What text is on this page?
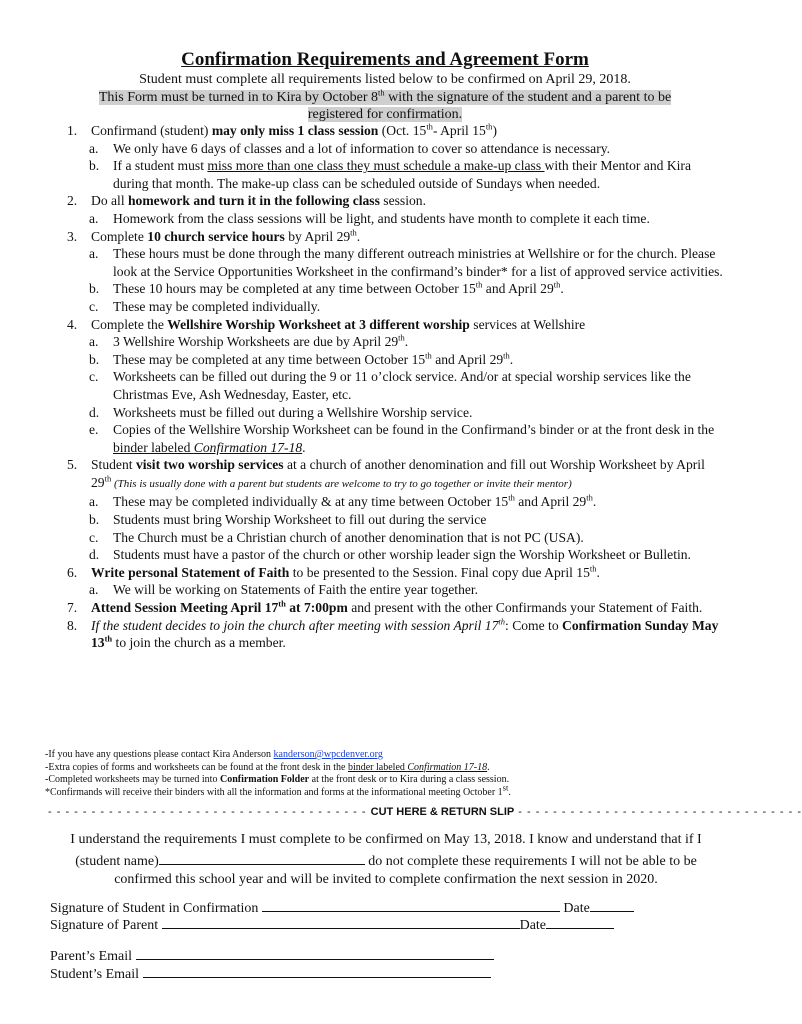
Confirmation Requirements and Agreement Form
Student must complete all requirements listed below to be confirmed on April 29, 2018.
This Form must be turned in to Kira by October 8th with the signature of the student and a parent to be
registered for confirmation.
1. Confirmand (student) may only miss 1 class session (Oct. 15th- April 15th)
a. We only have 6 days of classes and a lot of information to cover so attendance is necessary.
b. If a student must miss more than one class they must schedule a make-up class with their Mentor and Kira during that month. The make-up class can be scheduled outside of Sundays when needed.
2. Do all homework and turn it in the following class session.
a. Homework from the class sessions will be light, and students have month to complete it each time.
3. Complete 10 church service hours by April 29th.
a. These hours must be done through the many different outreach ministries at Wellshire or for the church. Please look at the Service Opportunities Worksheet in the confirmand’s binder* for a list of approved service activities.
b. These 10 hours may be completed at any time between October 15th and April 29th.
c. These may be completed individually.
4. Complete the Wellshire Worship Worksheet at 3 different worship services at Wellshire
a. 3 Wellshire Worship Worksheets are due by April 29th.
b. These may be completed at any time between October 15th and April 29th.
c. Worksheets can be filled out during the 9 or 11 o’clock service. And/or at special worship services like the Christmas Eve, Ash Wednesday, Easter, etc.
d. Worksheets must be filled out during a Wellshire Worship service.
e. Copies of the Wellshire Worship Worksheet can be found in the Confirmand’s binder or at the front desk in the binder labeled Confirmation 17-18.
5. Student visit two worship services at a church of another denomination and fill out Worship Worksheet by April 29th (This is usually done with a parent but students are welcome to try to go together or invite their mentor)
a. These may be completed individually & at any time between October 15th and April 29th.
b. Students must bring Worship Worksheet to fill out during the service
c. The Church must be a Christian church of another denomination that is not PC (USA).
d. Students must have a pastor of the church or other worship leader sign the Worship Worksheet or Bulletin.
6. Write personal Statement of Faith to be presented to the Session. Final copy due April 15th.
a. We will be working on Statements of Faith the entire year together.
7. Attend Session Meeting April 17th at 7:00pm and present with the other Confirmands your Statement of Faith.
8. If the student decides to join the church after meeting with session April 17th: Come to Confirmation Sunday May 13th to join the church as a member.
-If you have any questions please contact Kira Anderson kanderson@wpcdenver.org
-Extra copies of forms and worksheets can be found at the front desk in the binder labeled Confirmation 17-18.
-Completed worksheets may be turned into Confirmation Folder at the front desk or to Kira during a class session.
*Confirmands will receive their binders with all the information and forms at the informational meeting October 1st.
- - - - - - - - - - - - - - - - - - - - - - - - - - - - - - - - - - - - - CUT HERE & RETURN SLIP - - - - - - - - - - - - - - - - - - - - - - - - - - - - - - - - -
I understand the requirements I must complete to be confirmed on May 13, 2018. I know and understand that if I (student name)	do not complete these requirements I will not be able to be confirmed this school year and will be invited to complete confirmation the next session in 2020.
Signature of Student in Confirmation	Date
Signature of Parent	Date
Parent’s Email
Student’s Email
